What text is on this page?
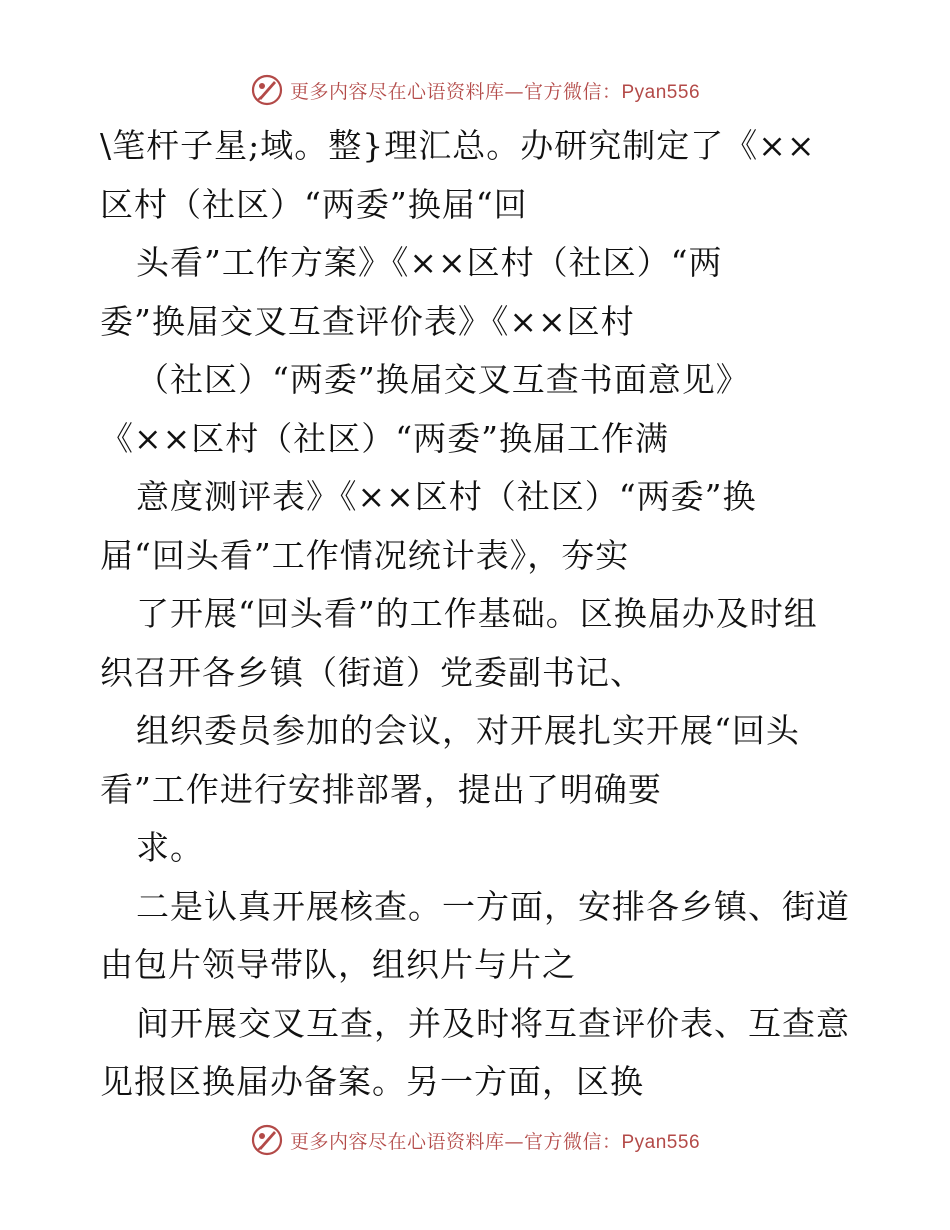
更多内容尽在心语资料库—官方微信：Pyan556
\笔杆子星;域。整}理汇总。办研究制定了《××
区村（社区）“两委”换届“回
头看”工作方案》《××区村（社区）“两
委”换届交叉互查评价表》《××区村
（社区）“两委”换届交叉互查书面意见》
《××区村（社区）“两委”换届工作满
意度测评表》《××区村（社区）“两委”换
届“回头看”工作情况统计表》，夯实
了开展“回头看”的工作基础。区换届办及时组
织召开各乡镇（街道）党委副书记、
组织委员参加的会议，对开展扎实开展“回头
看”工作进行安排部署，提出了明确要
求。
二是认真开展核查。一方面，安排各乡镇、街道
由包片领导带队，组织片与片之
间开展交叉互查，并及时将互查评价表、互查意
见报区换届办备案。另一方面，区换
更多内容尽在心语资料库—官方微信：Pyan556
